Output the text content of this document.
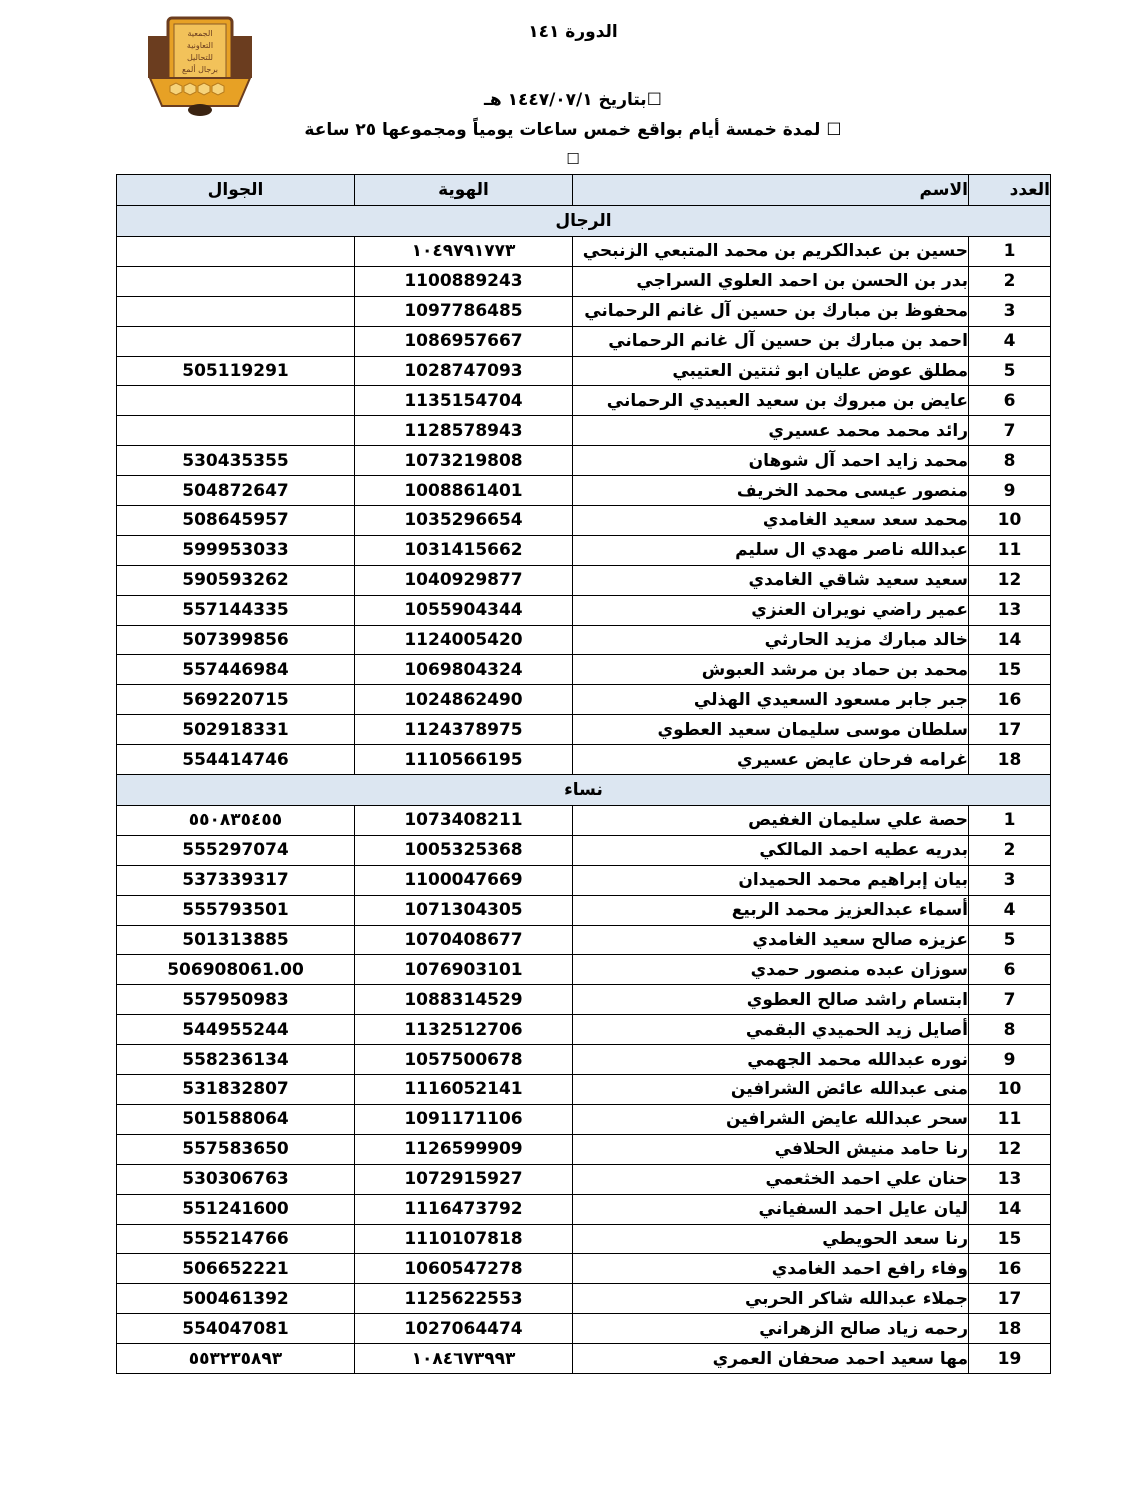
الجمعية
التعاونية
للتحاليل
برجال ألمع
الدورة ١٤١
☐بتاريخ ١٤٤٧/٠٧/١ هـ
☐ لمدة خمسة أيام بواقع خمس ساعات يومياً ومجموعها ٢٥ ساعة
☐
العدد	الاسم	الهوية	الجوال
الرجال			
1	حسين بن عبدالكريم بن محمد المتبعي الزنبحي	١٠٤٩٧٩١٧٧٣	
2	بدر بن الحسن بن احمد العلوي السراجي	1100889243	
3	محفوظ بن مبارك بن حسين آل غانم الرحماني	1097786485	
4	احمد بن مبارك بن حسين آل غانم الرحماني	1086957667	
5	مطلق عوض عليان ابو ثنتين العتيبي	1028747093	505119291
6	عايض بن مبروك بن سعيد العبيدي الرحماني	1135154704	
7	رائد محمد محمد عسيري	1128578943	
8	محمد زايد احمد آل شوهان	1073219808	530435355
9	منصور عيسى محمد الخريف	1008861401	504872647
10	محمد سعد سعيد الغامدي	1035296654	508645957
11	عبدالله ناصر مهدي ال سليم	1031415662	599953033
12	سعيد سعيد شاقي الغامدي	1040929877	590593262
13	عمير راضي نويران العنزي	1055904344	557144335
14	خالد مبارك مزيد الحارثي	1124005420	507399856
15	محمد بن حماد بن مرشد العبوش	1069804324	557446984
16	جبر جابر مسعود السعيدي الهذلي	1024862490	569220715
17	سلطان موسى سليمان سعيد العطوي	1124378975	502918331
18	غرامه فرحان عايض عسيري	1110566195	554414746
نساء			
1	حصة علي سليمان الغفيص	1073408211	٥٥٠٨٣٥٤٥٥
2	بدريه عطيه احمد المالكي	1005325368	555297074
3	بيان إبراهيم محمد الحميدان	1100047669	537339317
4	أسماء عبدالعزيز محمد الربيع	1071304305	555793501
5	عزيزه صالح سعيد الغامدي	1070408677	501313885
6	سوزان عبده منصور حمدي	1076903101	506908061.00
7	ابتسام راشد صالح العطوي	1088314529	557950983
8	أصايل زيد الحميدي البقمي	1132512706	544955244
9	نوره عبدالله محمد الجهمي	1057500678	558236134
10	منى عبدالله عائض الشرافين	1116052141	531832807
11	سحر عبدالله عايض الشرافين	1091171106	501588064
12	رنا حامد منيش الحلافي	1126599909	557583650
13	حنان علي احمد الخثعمي	1072915927	530306763
14	ليان عايل احمد السفياني	1116473792	551241600
15	رنا سعد الحويطي	1110107818	555214766
16	وفاء رافع احمد الغامدي	1060547278	506652221
17	جملاء عبدالله شاكر الحربي	1125622553	500461392
18	رحمه زياد صالح الزهراني	1027064474	554047081
19	مها سعيد احمد صحفان العمري	١٠٨٤٦٧٣٩٩٣	٥٥٣٢٣٥٨٩٣
